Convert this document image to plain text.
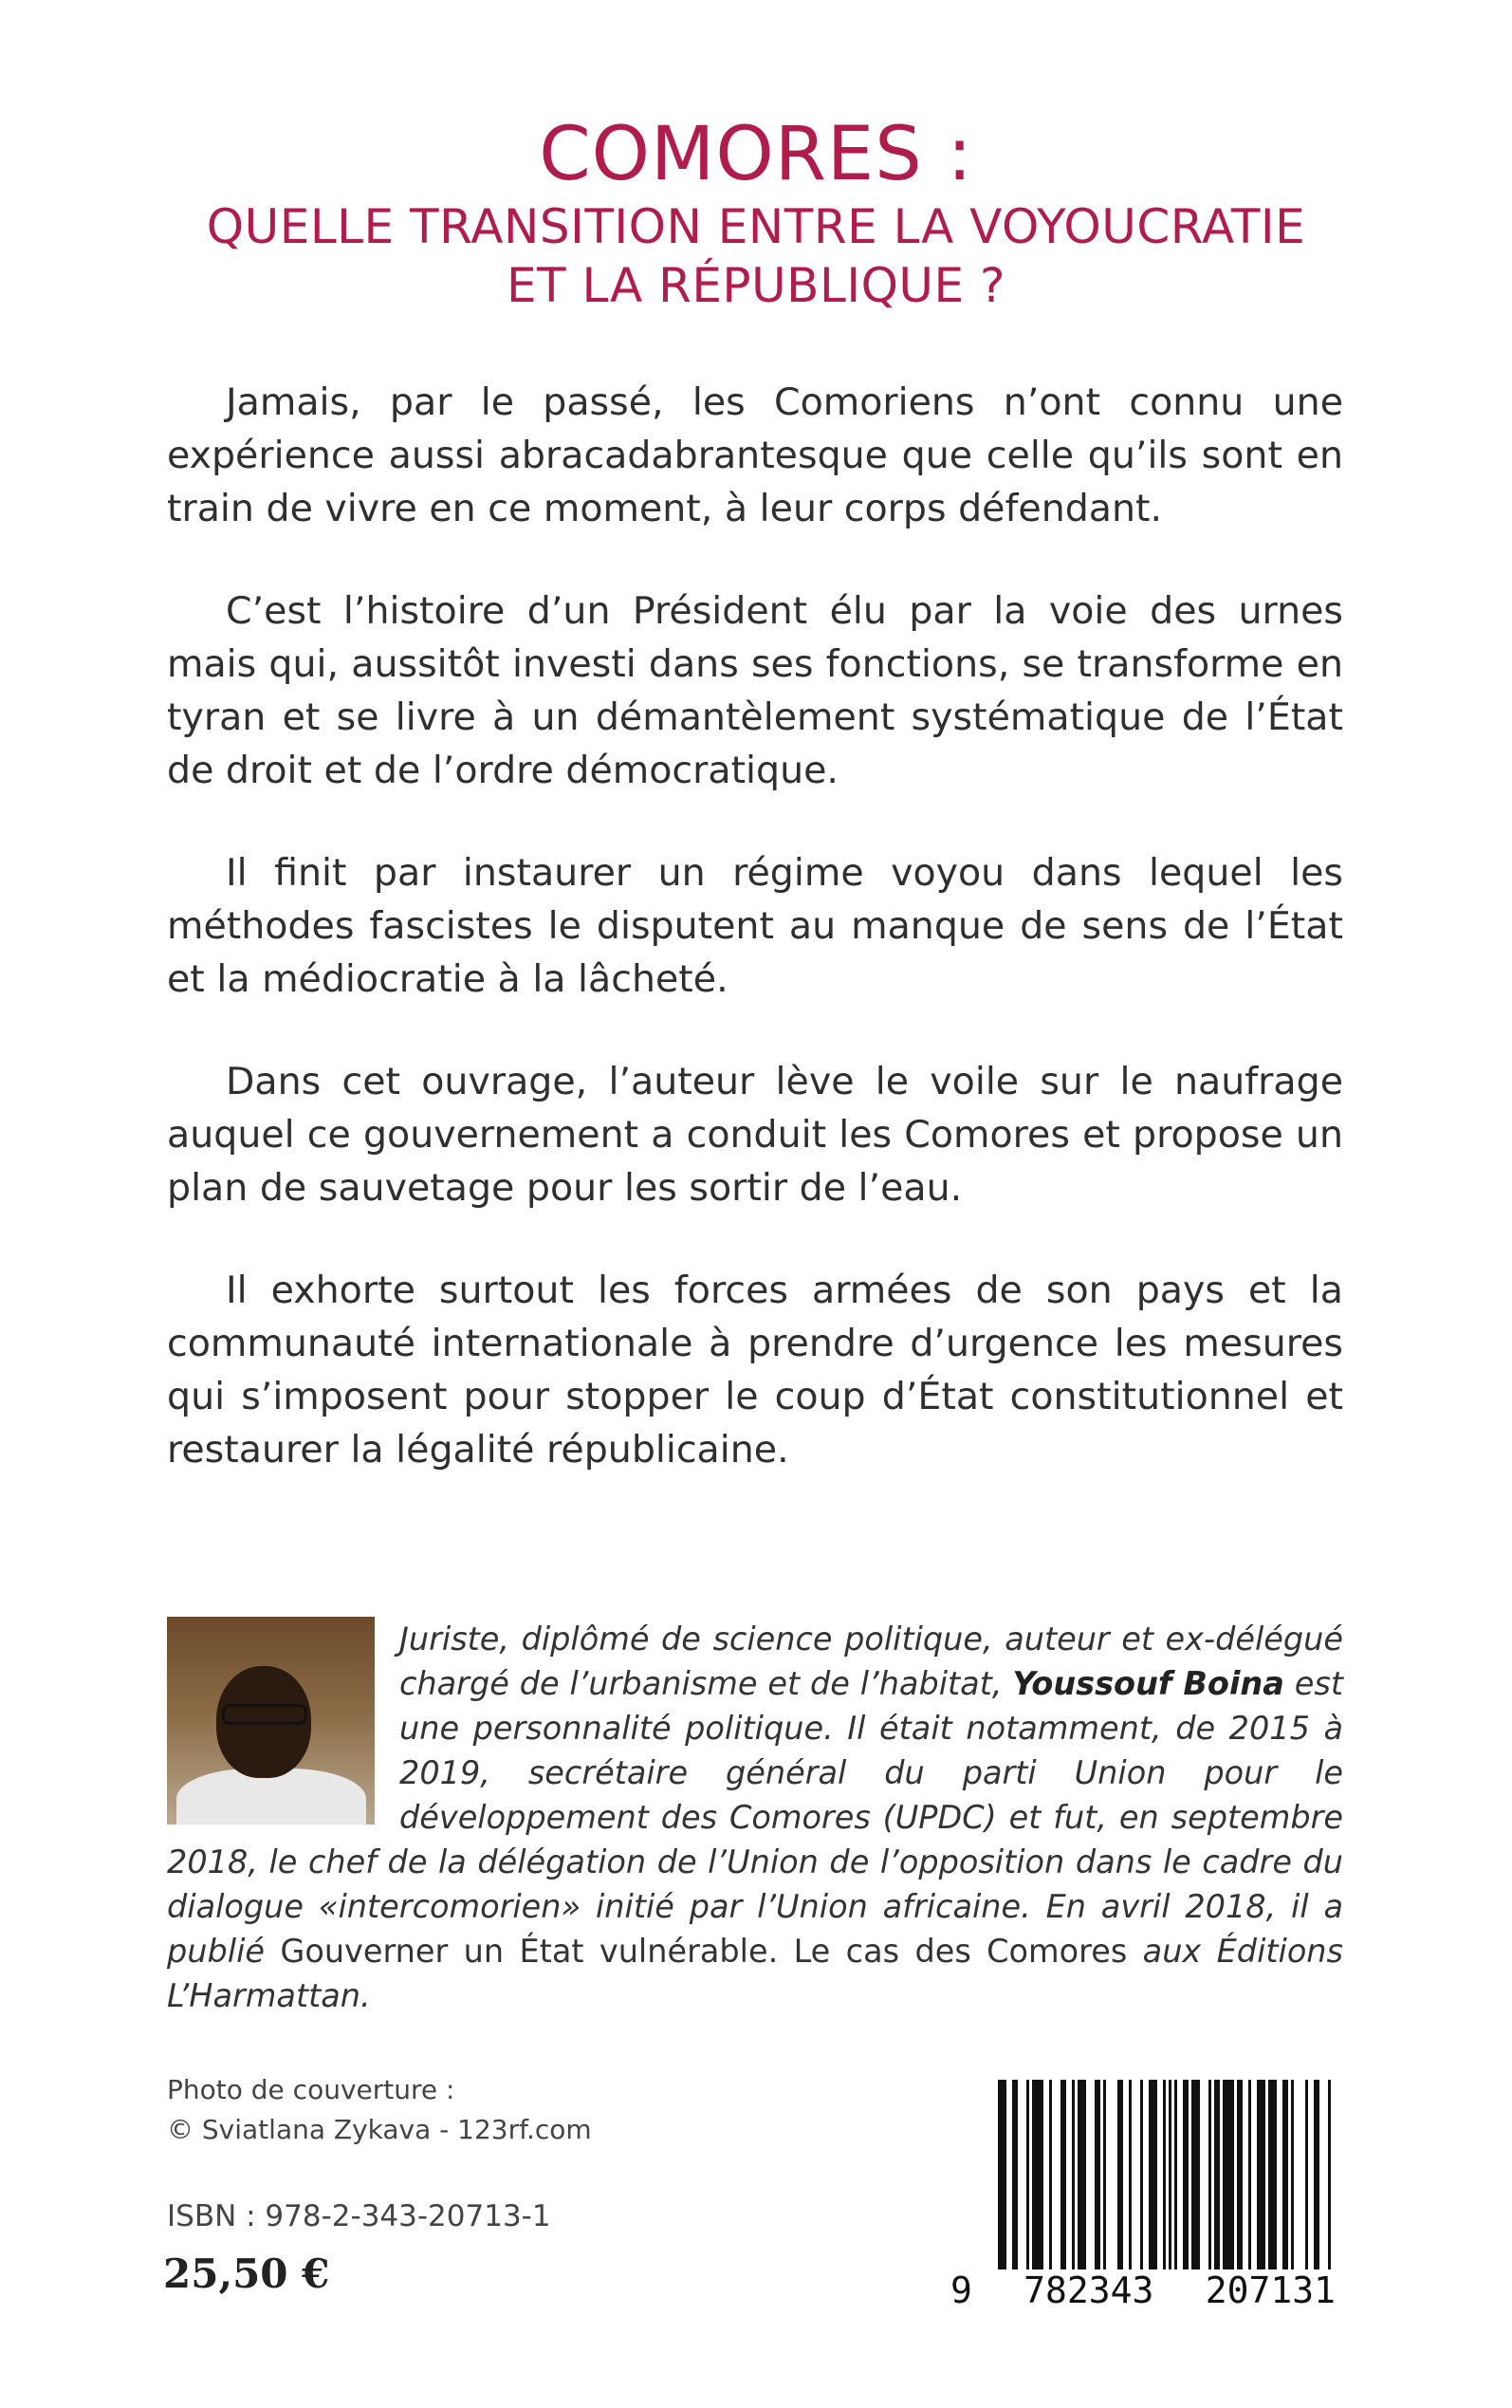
COMORES :
QUELLE TRANSITION ENTRE LA VOYOUCRATIE
ET LA RÉPUBLIQUE ?

Jamais, par le passé, les Comoriens n’ont connu une expérience aussi abracadabrantesque que celle qu’ils sont en train de vivre en ce moment, à leur corps défendant.

C’est l’histoire d’un Président élu par la voie des urnes mais qui, aussitôt investi dans ses fonctions, se transforme en tyran et se livre à un démantèlement systématique de l’État de droit et de l’ordre démocratique.

Il finit par instaurer un régime voyou dans lequel les méthodes fascistes le disputent au manque de sens de l’État et la médiocratie à la lâcheté.

Dans cet ouvrage, l’auteur lève le voile sur le naufrage auquel ce gouvernement a conduit les Comores et propose un plan de sauvetage pour les sortir de l’eau.

Il exhorte surtout les forces armées de son pays et la communauté internationale à prendre d’urgence les mesures qui s’imposent pour stopper le coup d’État constitutionnel et restaurer la légalité républicaine.

Juriste, diplômé de science politique, auteur et ex-délégué chargé de l’urbanisme et de l’habitat, Youssouf Boina est une personnalité politique. Il était notamment, de 2015 à 2019, secrétaire général du parti Union pour le développement des Comores (UPDC) et fut, en septembre 2018, le chef de la délégation de l’Union de l’opposition dans le cadre du dialogue «intercomorien» initié par l’Union africaine. En avril 2018, il a publié Gouverner un État vulnérable. Le cas des Comores aux Éditions L’Harmattan.

Photo de couverture :
© Sviatlana Zykava - 123rf.com
ISBN : 978-2-343-20713-1
25,50 €	9 782343 207131
